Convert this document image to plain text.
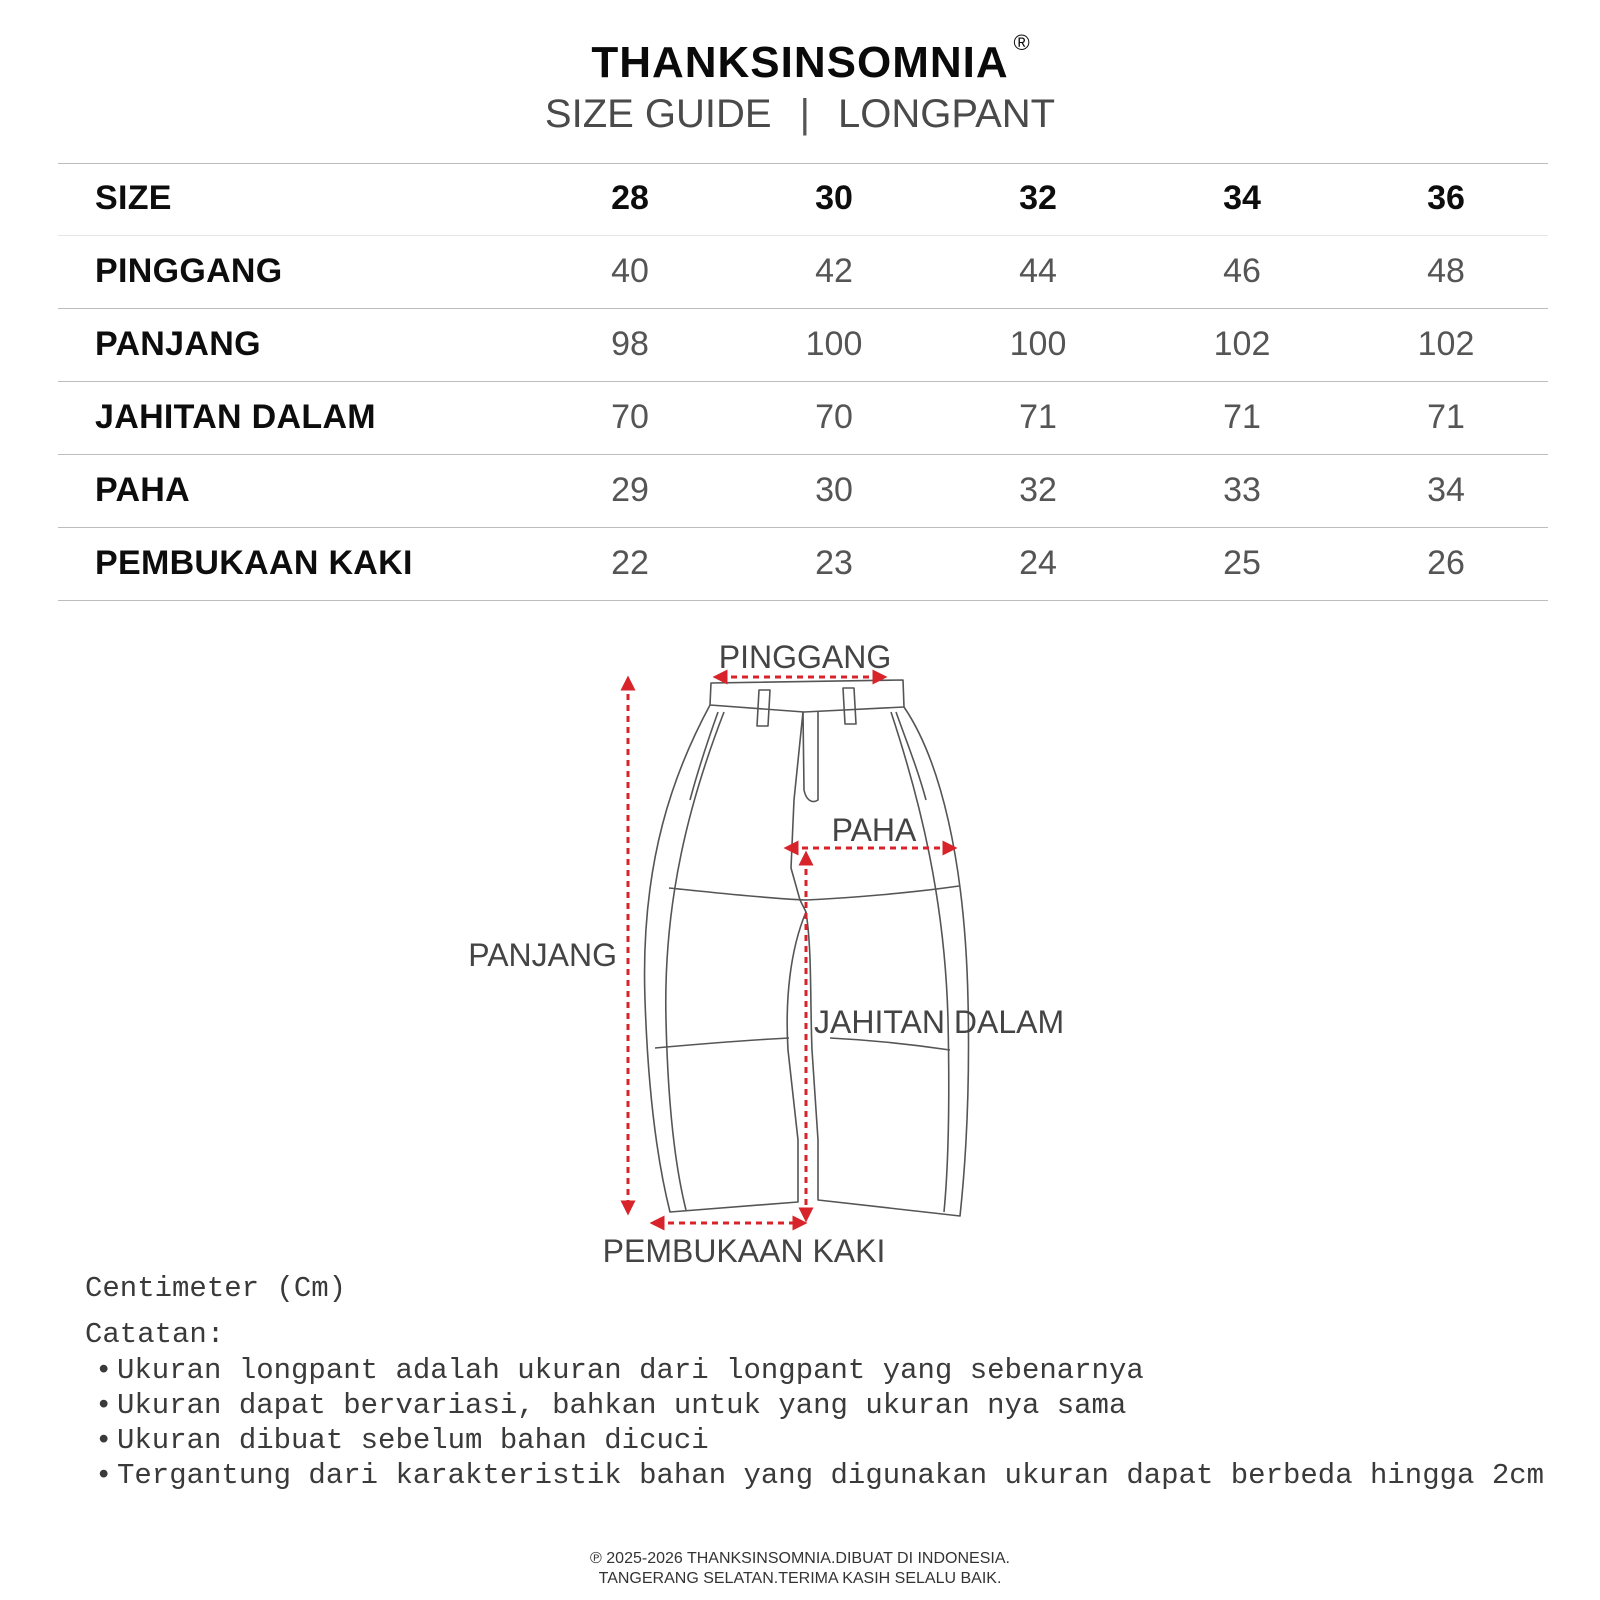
THANKSINSOMNIA ®
SIZE GUIDE | LONGPANT
SIZE	28	30	32	34	36
PINGGANG	40	42	44	46	48
PANJANG	98	100	100	102	102
JAHITAN DALAM	70	70	71	71	71
PAHA	29	30	32	33	34
PEMBUKAAN KAKI	22	23	24	25	26
PINGGANG
PANJANG
PAHA
JAHITAN DALAM
PEMBUKAAN KAKI
Centimeter (Cm)
Catatan:
• Ukuran longpant adalah ukuran dari longpant yang sebenarnya
• Ukuran dapat bervariasi, bahkan untuk yang ukuran nya sama
• Ukuran dibuat sebelum bahan dicuci
• Tergantung dari karakteristik bahan yang digunakan ukuran dapat berbeda hingga 2cm
℗ 2025-2026 THANKSINSOMNIA.DIBUAT DI INDONESIA.
TANGERANG SELATAN.TERIMA KASIH SELALU BAIK.
